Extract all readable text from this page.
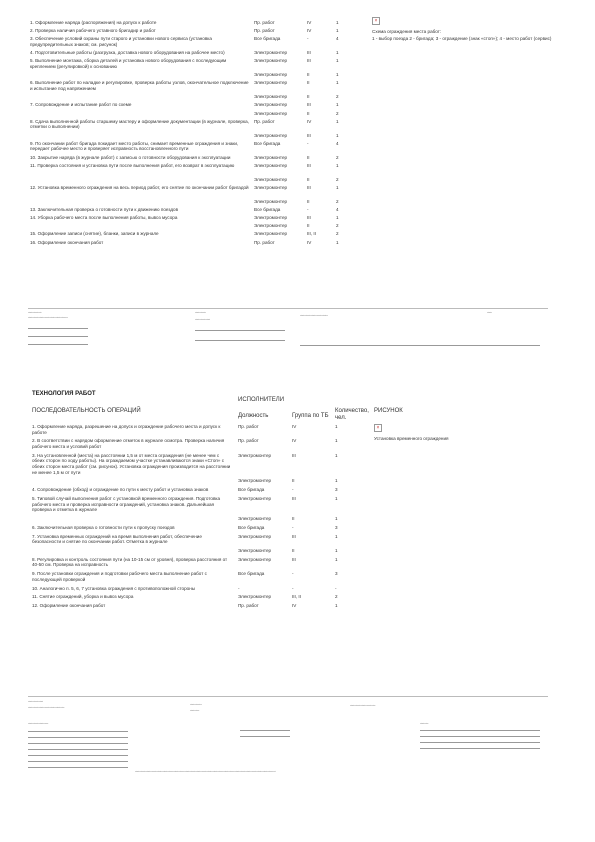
1. Оформление наряда (распоряжения) на допуск к работе	Пр. работ	IV	1
2. Проверка наличия рабочего уставного бригадир и работ	Пр. работ	IV	1
3. Обеспечение условий охраны пути старого и установки нового сервиса (установка предупредительных знаков; см. рисунок)
Все бригада	-	4
4. Подготовительные работы (разгрузка, доставка нового оборудования на рабочее место)	Электромонтер	III	1
5. Выполнение монтажа, сборка деталей и установка нового оборудования с последующим креплением (регулировкой) к основанию
Электромонтер	III	1
Электромонтер	II	1
6. Выполнение работ по наладке и регулировке, проверка работы узлов, окончательное подключение и испытание под напряжением
Электромонтер	II	1
Электромонтер	II	2
7. Сопровождение и испытание работ по схеме	Электромонтер	III	1
Электромонтер	II	2
8. Сдача выполненной работы старшему мастеру и оформление документации (в журнале, проверка, отметки о выполнении)
Пр. работ	IV	1
Электромонтер	III	1
9. По окончании работ бригада покидает место работы, снимает временные ограждения и знаки, передает рабочее место и проверяет исправность восстановленного пути
Все бригада	-	4
10. Закрытие наряда (в журнале работ) с записью о готовности оборудования к эксплуатации	Электромонтер	II	2
11. Проверка состояния и установка пути после выполнения работ, его возврат в эксплуатацию	Электромонтер	III	1
Электромонтер	II	2
12. Установка временного ограждения на весь период работ, его снятие по окончании работ бригадой Электромонтер	III	1
Электромонтер	II	2
13. Заключительная проверка о готовности пути к движению поездов	Все бригада	-	4
14. Уборка рабочего места после выполнения работы, вывоз мусора	Электромонтер	III	1
Электромонтер	II	2
15. Оформление записи (снятие), бланки, записи в журнале	Электромонтер	III, II	2
16. Оформление окончания работ	Пр. работ	IV	1
×
Схема ограждения места работ:
1 - выбор поезда 2 - бригада; 3 - ограждение (знак «стоп»); 4 - место работ (сервис)
▪▪▪▪▪▪▪▪▪▪▪▪▪▪▪▪
▪▪▪▪▪▪▪▪▪▪▪▪▪▪▪▪▪▪▪▪▪▪▪▪▪▪▪▪▪▪▪▪▪▪▪▪▪▪▪▪▪▪▪▪▪▪▪
▪▪▪▪▪▪▪▪▪▪▪▪▪
▪▪▪▪▪▪▪▪▪▪▪▪▪▪▪▪▪▪
▪▪▪▪▪▪▪▪▪▪▪▪▪▪▪▪▪▪▪▪▪▪▪▪▪▪▪▪▪▪▪▪▪
▪▪▪▪▪▪
ТЕХНОЛОГИЯ РАБОТ
ИСПОЛНИТЕЛИ
ПОСЛЕДОВАТЕЛЬНОСТЬ ОПЕРАЦИЙ
Должность	Группа по ТБ
Количество, чел.
РИСУНОК
×
Установка временного ограждения
1. Оформление наряда, разрешение на допуск и ограждение рабочего места и допуск к работе
Пр. работ	IV	1
2. В соответствии с нарядом оформление отметок в журнале осмотра. Проверка наличия рабочего места и условий работ
Пр. работ	IV	1
3. На установленной (места) на расстоянии 1,5 м от места ограждения (не менее чем с обеих сторон по ходу работы). На ограждаемом участке устанавливаются знаки «Стоп» с обеих сторон места работ (см. рисунок). Установка ограждения производится на расстоянии не менее 1,5 м от пути
Электромонтер	III	1
Электромонтер	II	1
4. Сопровождение (обход) и ограждение по пути к месту работ и установка знаков	Все бригада	-	3
5. Типовой случай выполнения работ с установкой временного ограждения. Подготовка рабочего места и проверка исправности ограждений, установка знаков. Дальнейшая проверка и отметка в журнале
Электромонтер	III	1
Электромонтер	II	1
6. Заключительная проверка о готовности пути к пропуску поездов	Все бригада	-	3
7. Установка временных ограждений на время выполнения работ, обеспечение безопасности и снятие по окончании работ. Отметка в журнале
Электромонтер	III	1
Электромонтер	II	1
8. Регулировка и контроль состояния пути (на 10-15 см от уровня), проверка расстояния от 40-50 см. Проверка на исправность
Электромонтер	III	1
9. После установки ограждения и подготовки рабочего места выполнение работ с последующей проверкой
Все бригада	-	3
10. Аналогично п. 5, 6, 7 установка ограждения с противоположной стороны	-	-	-
11. Снятие ограждений, уборка и вывоз мусора	Электромонтер	III, II	2
12. Оформление окончания работ	Пр. работ	IV	1
▪▪▪▪▪▪▪▪▪▪▪▪▪▪▪▪▪▪
▪▪▪▪▪▪▪▪▪▪▪▪▪▪▪▪▪▪▪▪▪▪▪▪▪▪▪▪▪▪▪▪▪▪▪▪▪▪▪▪▪▪▪
▪▪▪▪▪▪▪▪▪▪▪▪▪▪▪▪▪▪▪▪▪▪▪▪
▪▪▪▪▪▪▪▪▪▪▪▪▪▪
▪▪▪▪▪▪▪▪▪▪▪
▪▪▪▪▪▪▪▪▪▪▪▪▪▪▪▪▪▪▪▪▪▪▪▪▪▪▪▪▪▪
▪▪▪▪▪▪▪▪▪▪
▪▪▪▪▪▪▪▪▪▪▪▪▪▪▪▪▪▪▪▪▪▪▪▪▪▪▪▪▪▪▪▪▪▪▪▪▪▪▪▪▪▪▪▪▪▪▪▪▪▪▪▪▪▪▪▪▪▪▪▪▪▪▪▪▪▪▪▪▪▪▪▪▪▪▪▪▪▪▪▪▪▪▪▪▪▪▪▪▪▪▪▪▪▪▪▪▪▪▪▪▪▪▪▪▪▪▪▪▪▪▪▪▪▪▪▪▪▪▪▪▪▪▪▪▪▪▪▪▪▪▪▪▪▪▪▪▪▪▪▪▪▪▪▪▪▪▪▪▪▪▪▪▪▪▪▪▪▪▪▪▪▪▪▪▪▪
